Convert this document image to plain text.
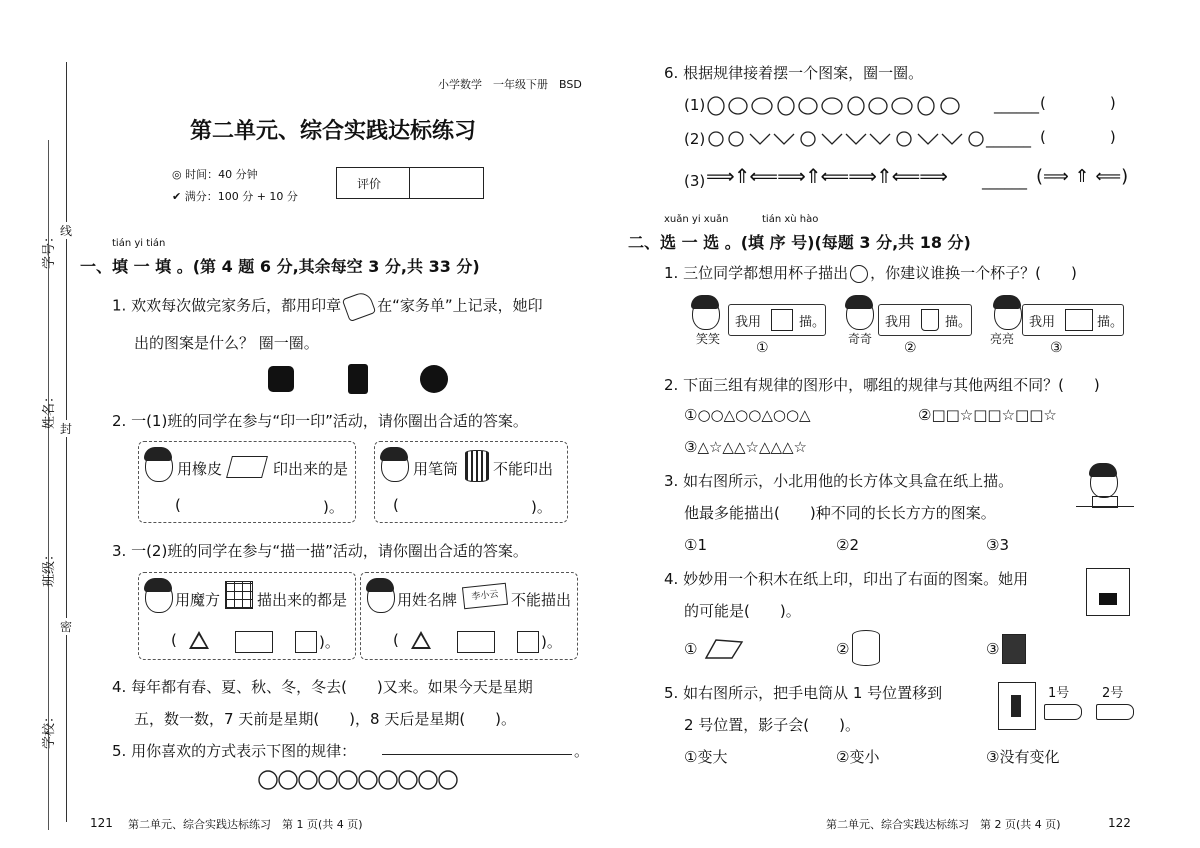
学号：
姓名：
班级：
学校：
线
封
密
小学数学　一年级下册　BSD
第二单元、综合实践达标练习
◎ 时间：40 分钟
✔ 满分：100 分 + 10 分
评价
tián yi tián
一、填 一 填 。(第 4 题 6 分,其余每空 3 分,共 33 分)
1. 欢欢每次做完家务后，都用印章 在“家务单”上记录，她印
出的图案是什么？ 圈一圈。
2. 一(1)班的同学在参与“印一印”活动，请你圈出合适的答案。
用橡皮	印出来的是
(	)。
用笔筒 不能印出
(	)。
3. 一(2)班的同学在参与“描一描”活动，请你圈出合适的答案。
用魔方 描出来的都是
(	)。
用姓名牌	李小云 不能描出
(	)。
4. 每年都有春、夏、秋、冬，冬去(　　)又来。如果今天是星期
五，数一数，7 天前是星期(　　)，8 天后是星期(　　)。
5. 用你喜欢的方式表示下图的规律：	。
6. 根据规律接着摆一个图案，圈一圈。
(1)	______ (	)
(2)	______ (	)
(3) ⟹⇑⟸⟹⇑⟸⟹⇑⟸⟹ ______ (⟹ ⇑ ⟸)
xuǎn yi xuǎn	tián xù hào
二、选 一 选 。(填 序 号)(每题 3 分,共 18 分)
1. 三位同学都想用杯子描出 ，你建议谁换一个杯子？(　　)
笑笑
我用	描。
①
奇奇
我用	描。
②
亮亮
我用	描。
③
2. 下面三组有规律的图形中，哪组的规律与其他两组不同？(　　)
①○○△○○△○○△	②□□☆□□☆□□☆
③△☆△△☆△△△☆
3. 如右图所示，小北用他的长方体文具盒在纸上描。
他最多能描出(　　)种不同的长长方方的图案。
①1	②2	③3
4. 妙妙用一个积木在纸上印，印出了右面的图案。她用
的可能是(　　)。
①	②	③
5. 如右图所示，把手电筒从 1 号位置移到
2 号位置，影子会(　　)。
1号	2号
①变大	②变小	③没有变化
121 第二单元、综合实践达标练习　第 1 页(共 4 页)	第二单元、综合实践达标练习　第 2 页(共 4 页)	122
